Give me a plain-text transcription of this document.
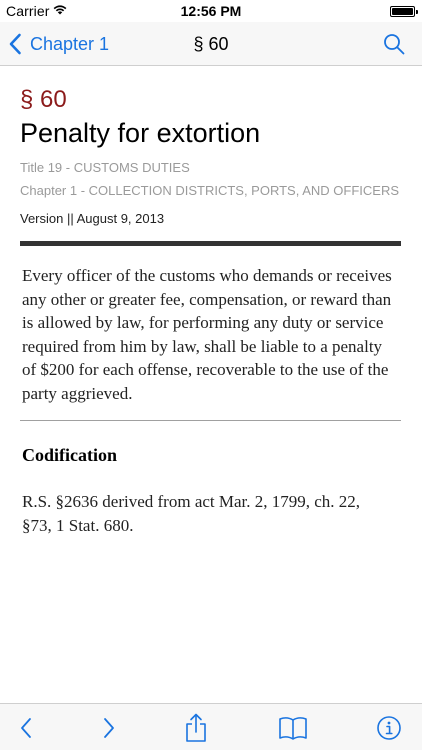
Carrier	12:56 PM
Chapter 1	§ 60
§ 60
Penalty for extortion
Title 19 - CUSTOMS DUTIES
Chapter 1 - COLLECTION DISTRICTS, PORTS, AND OFFICERS
Version || August 9, 2013
Every officer of the customs who demands or receives any other or greater fee, compensation, or reward than is allowed by law, for performing any duty or service required from him by law, shall be liable to a penalty of $200 for each offense, recoverable to the use of the party aggrieved.
Codification
R.S. §2636 derived from act Mar. 2, 1799, ch. 22, §73, 1 Stat. 680.
